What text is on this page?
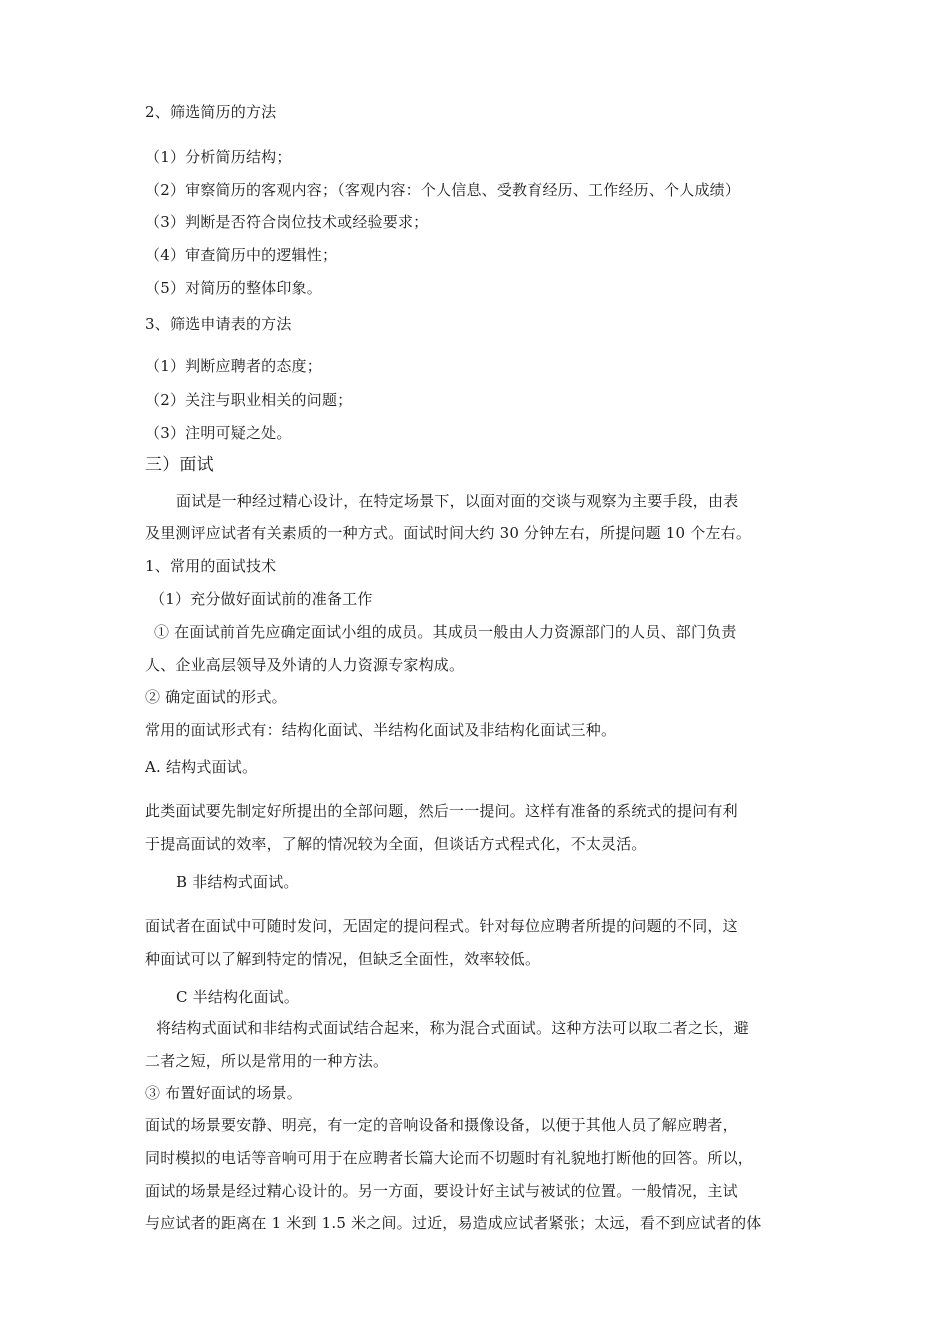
2、筛选简历的方法
（1）分析简历结构；
（2）审察简历的客观内容；（客观内容：个人信息、受教育经历、工作经历、个人成绩）
（3）判断是否符合岗位技术或经验要求；
（4）审查简历中的逻辑性；
（5）对简历的整体印象。
3、筛选申请表的方法
（1）判断应聘者的态度；
（2）关注与职业相关的问题；
（3）注明可疑之处。
三）面试
面试是一种经过精心设计，在特定场景下，以面对面的交谈与观察为主要手段，由表
及里测评应试者有关素质的一种方式。面试时间大约 30 分钟左右，所提问题 10 个左右。
1、常用的面试技术
（1）充分做好面试前的准备工作
① 在面试前首先应确定面试小组的成员。其成员一般由人力资源部门的人员、部门负责
人、企业高层领导及外请的人力资源专家构成。
② 确定面试的形式。
常用的面试形式有：结构化面试、半结构化面试及非结构化面试三种。
A. 结构式面试。
此类面试要先制定好所提出的全部问题，然后一一提问。这样有准备的系统式的提问有利
于提高面试的效率，了解的情况较为全面，但谈话方式程式化，不太灵活。
B 非结构式面试。
面试者在面试中可随时发问，无固定的提问程式。针对每位应聘者所提的问题的不同，这
种面试可以了解到特定的情况，但缺乏全面性，效率较低。
C 半结构化面试。
将结构式面试和非结构式面试结合起来，称为混合式面试。这种方法可以取二者之长，避
二者之短，所以是常用的一种方法。
③ 布置好面试的场景。
面试的场景要安静、明亮，有一定的音响设备和摄像设备，以便于其他人员了解应聘者，
同时模拟的电话等音响可用于在应聘者长篇大论而不切题时有礼貌地打断他的回答。所以，
面试的场景是经过精心设计的。另一方面，要设计好主试与被试的位置。一般情况，主试
与应试者的距离在 1 米到 1.5 米之间。过近，易造成应试者紧张；太远，看不到应试者的体
